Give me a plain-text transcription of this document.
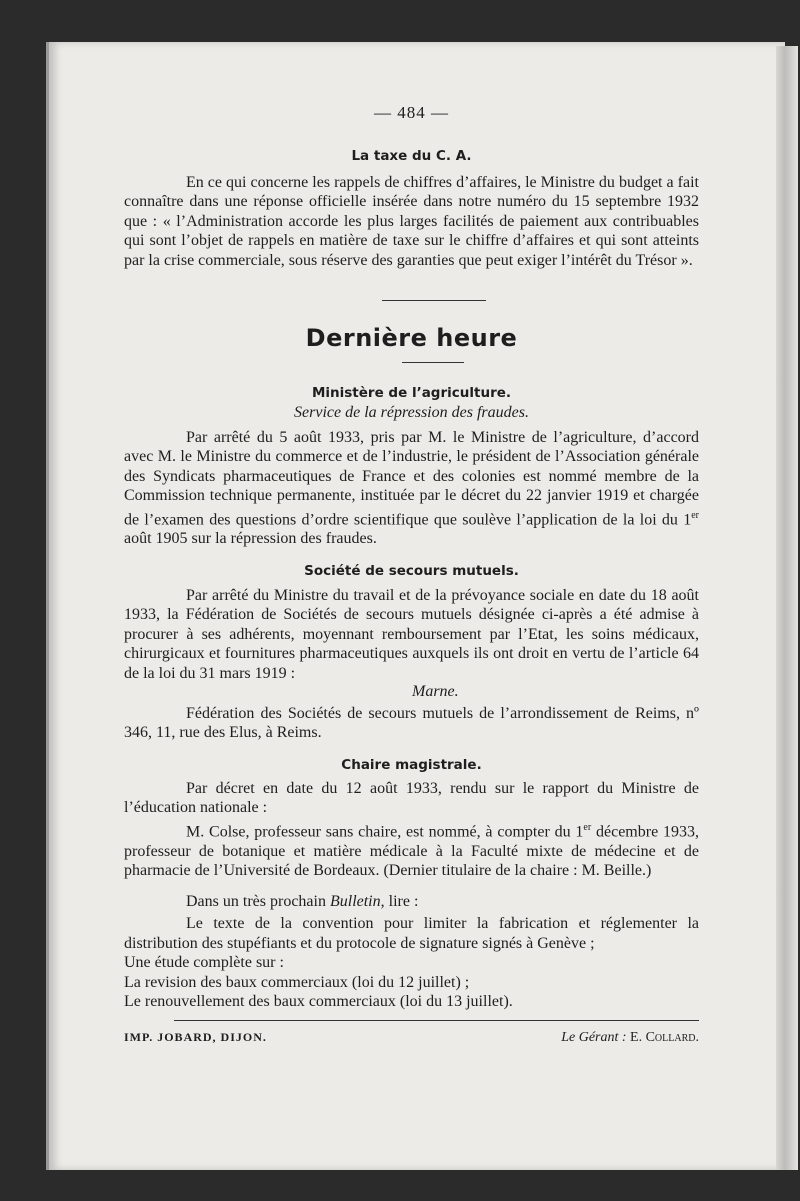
— 484 —
La taxe du C. A.

En ce qui concerne les rappels de chiffres d’affaires, le Ministre du budget a fait connaître dans une réponse officielle insérée dans notre numéro du 15 septembre 1932 que : « l’Administration accorde les plus larges facilités de paiement aux contribuables qui sont l’objet de rappels en matière de taxe sur le chiffre d’affaires et qui sont atteints par la crise commerciale, sous réserve des garanties que peut exiger l’intérêt du Trésor ».

Dernière heure
Ministère de l’agriculture.
Service de la répression des fraudes.

Par arrêté du 5 août 1933, pris par M. le Ministre de l’agriculture, d’accord avec M. le Ministre du commerce et de l’industrie, le président de l’Association générale des Syndicats pharmaceutiques de France et des colonies est nommé membre de la Commission technique permanente, instituée par le décret du 22 janvier 1919 et chargée de l’examen des questions d’ordre scientifique que soulève l’application de la loi du 1er août 1905 sur la répression des fraudes.

Société de secours mutuels.

Par arrêté du Ministre du travail et de la prévoyance sociale en date du 18 août 1933, la Fédération de Sociétés de secours mutuels désignée ci-après a été admise à procurer à ses adhérents, moyennant remboursement par l’Etat, les soins médicaux, chirurgicaux et fournitures pharmaceutiques auxquels ils ont droit en vertu de l’article 64 de la loi du 31 mars 1919 :

Marne.

Fédération des Sociétés de secours mutuels de l’arrondissement de Reims, nº 346, 11, rue des Elus, à Reims.

Chaire magistrale.

Par décret en date du 12 août 1933, rendu sur le rapport du Ministre de l’éducation nationale :

M. Colse, professeur sans chaire, est nommé, à compter du 1er décembre 1933, professeur de botanique et matière médicale à la Faculté mixte de médecine et de pharmacie de l’Université de Bordeaux. (Dernier titulaire de la chaire : M. Beille.)

Dans un très prochain Bulletin, lire :

Le texte de la convention pour limiter la fabrication et réglementer la distribution des stupéfiants et du protocole de signature signés à Genève ;

Une étude complète sur :

La revision des baux commerciaux (loi du 12 juillet) ;

Le renouvellement des baux commerciaux (loi du 13 juillet).

IMP. JOBARD, DIJON.	Le Gérant : E. Collard.
